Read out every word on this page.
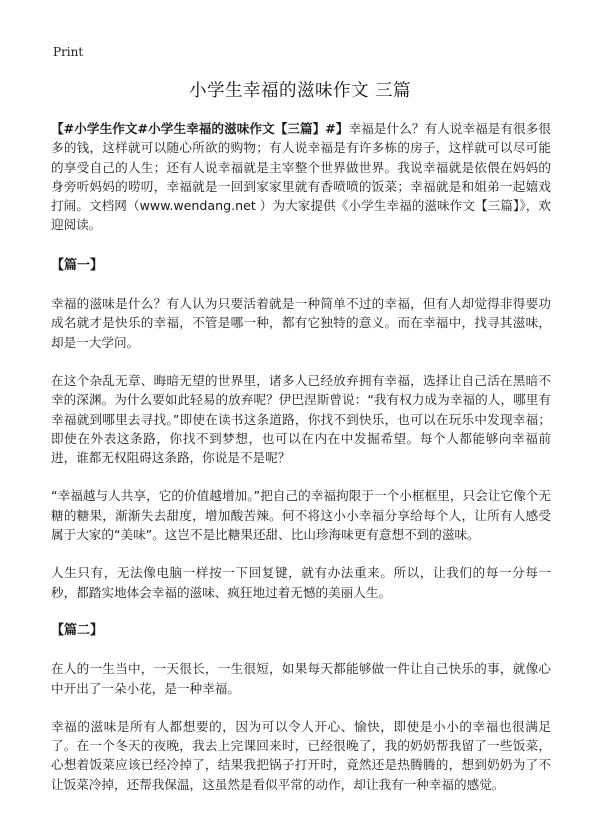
Print
小学生幸福的滋味作文 三篇

【#小学生作文#小学生幸福的滋味作文【三篇】#】幸福是什么？有人说幸福是有很多很多的钱，这样就可以随心所欲的购物；有人说幸福是有许多栋的房子，这样就可以尽可能的享受自己的人生；还有人说幸福就是主宰整个世界做世界。我说幸福就是依偎在妈妈的身旁听妈妈的唠叨，幸福就是一回到家家里就有香喷喷的饭菜；幸福就是和姐弟一起嬉戏打闹。文档网（www.wendang.net ）为大家提供《小学生幸福的滋味作文【三篇】》，欢迎阅读。

【篇一】

幸福的滋味是什么？有人认为只要活着就是一种简单不过的幸福，但有人却觉得非得要功成名就才是快乐的幸福，不管是哪一种，都有它独特的意义。而在幸福中，找寻其滋味，却是一大学问。

在这个杂乱无章、晦暗无望的世界里，诸多人已经放弃拥有幸福，选择让自己活在黑暗不幸的深渊。为什么要如此轻易的放弃呢？伊巴涅斯曾说：“我有权力成为幸福的人，哪里有幸福就到哪里去寻找。”即使在读书这条道路，你找不到快乐，也可以在玩乐中发现幸福；即使在外表这条路，你找不到梦想，也可以在内在中发掘希望。每个人都能够向幸福前进，谁都无权阻碍这条路，你说是不是呢？

“幸福越与人共享，它的价值越增加。”把自己的幸福拘限于一个小框框里，只会让它像个无糖的糖果，渐渐失去甜度，增加酸苦辣。何不将这小小幸福分享给每个人，让所有人感受属于大家的“美味”。这岂不是比糖果还甜、比山珍海味更有意想不到的滋味。

人生只有，无法像电脑一样按一下回复键，就有办法重来。所以，让我们的每一分每一秒，都踏实地体会幸福的滋味、疯狂地过着无憾的美丽人生。

【篇二】

在人的一生当中，一天很长，一生很短，如果每天都能够做一件让自己快乐的事，就像心中开出了一朵小花，是一种幸福。

幸福的滋味是所有人都想要的，因为可以令人开心、愉快，即使是小小的幸福也很满足了。在一个冬天的夜晚，我去上完课回来时，已经很晚了，我的奶奶帮我留了一些饭菜，心想着饭菜应该已经冷掉了，结果我把锅子打开时，竟然还是热腾腾的，想到奶奶为了不让饭菜冷掉，还帮我保温，这虽然是看似平常的动作，却让我有一种幸福的感觉。
